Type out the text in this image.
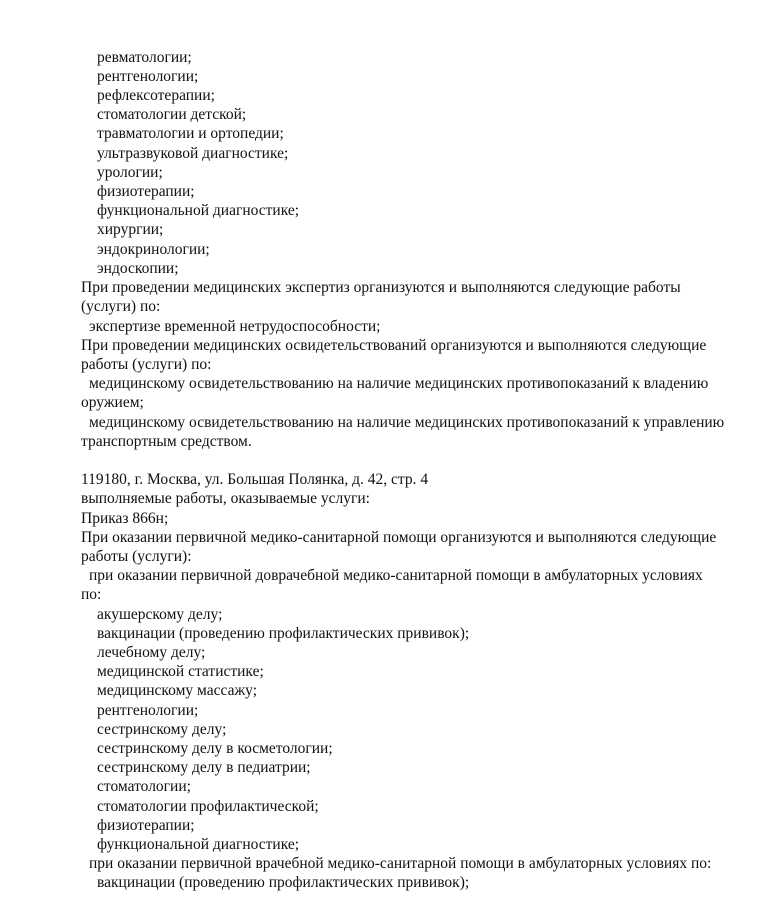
ревматологии;
рентгенологии;
рефлексотерапии;
стоматологии детской;
травматологии и ортопедии;
ультразвуковой диагностике;
урологии;
физиотерапии;
функциональной диагностике;
хирургии;
эндокринологии;
эндоскопии;
При проведении медицинских экспертиз организуются и выполняются следующие работы
(услуги) по:
экспертизе временной нетрудоспособности;
При проведении медицинских освидетельствований организуются и выполняются следующие
работы (услуги) по:
медицинскому освидетельствованию на наличие медицинских противопоказаний к владению
оружием;
медицинскому освидетельствованию на наличие медицинских противопоказаний к управлению
транспортным средством.
119180, г. Москва, ул. Большая Полянка, д. 42, стр. 4
выполняемые работы, оказываемые услуги:
Приказ 866н;
При оказании первичной медико-санитарной помощи организуются и выполняются следующие
работы (услуги):
при оказании первичной доврачебной медико-санитарной помощи в амбулаторных условиях
по:
акушерскому делу;
вакцинации (проведению профилактических прививок);
лечебному делу;
медицинской статистике;
медицинскому массажу;
рентгенологии;
сестринскому делу;
сестринскому делу в косметологии;
сестринскому делу в педиатрии;
стоматологии;
стоматологии профилактической;
физиотерапии;
функциональной диагностике;
при оказании первичной врачебной медико-санитарной помощи в амбулаторных условиях по:
вакцинации (проведению профилактических прививок);
